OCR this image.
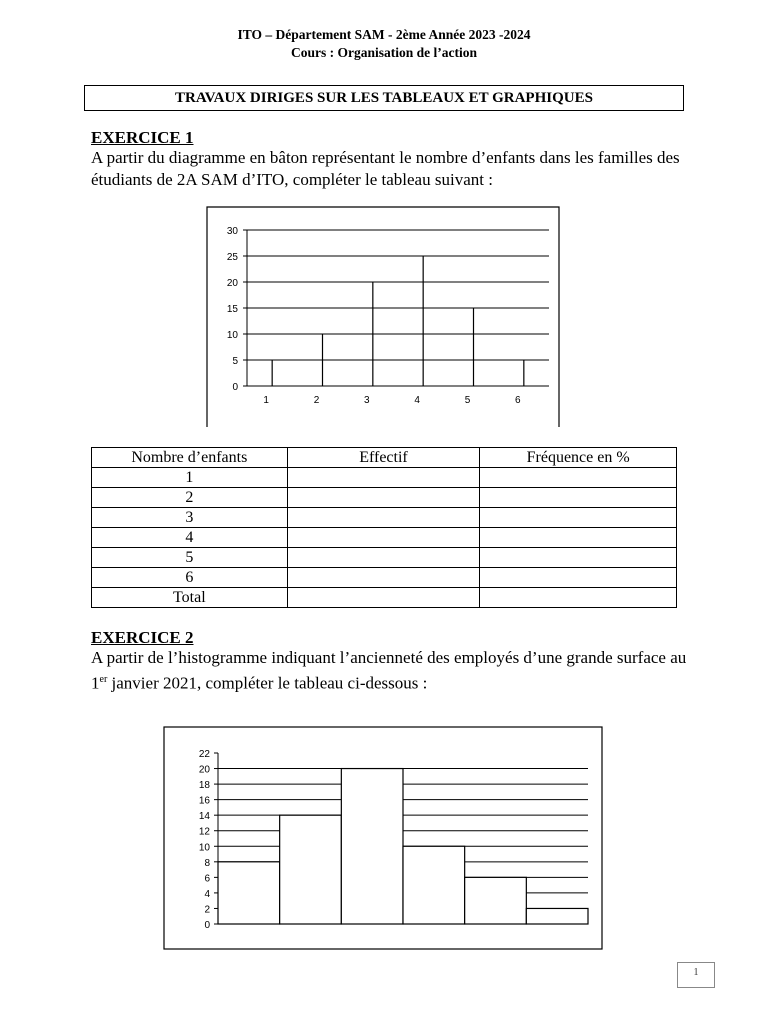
ITO – Département SAM - 2ème Année 2023 -2024
Cours : Organisation de l’action
TRAVAUX DIRIGES SUR LES TABLEAUX ET GRAPHIQUES
EXERCICE 1
A partir du diagramme en bâton représentant le nombre d’enfants dans les familles des étudiants de 2A SAM d’ITO, compléter le tableau suivant :
0
5
10
15
20
25
30
1	2	3	4	5	6
Nombre d’enfants	Effectif	Fréquence en %
1		
2		
3		
4		
5		
6		
Total		
EXERCICE 2
A partir de l’histogramme indiquant l’ancienneté des employés d’une grande surface au 1er janvier 2021, compléter le tableau ci-dessous :
0
2
4
6
8
10
12
14
16
18
20
22
1
